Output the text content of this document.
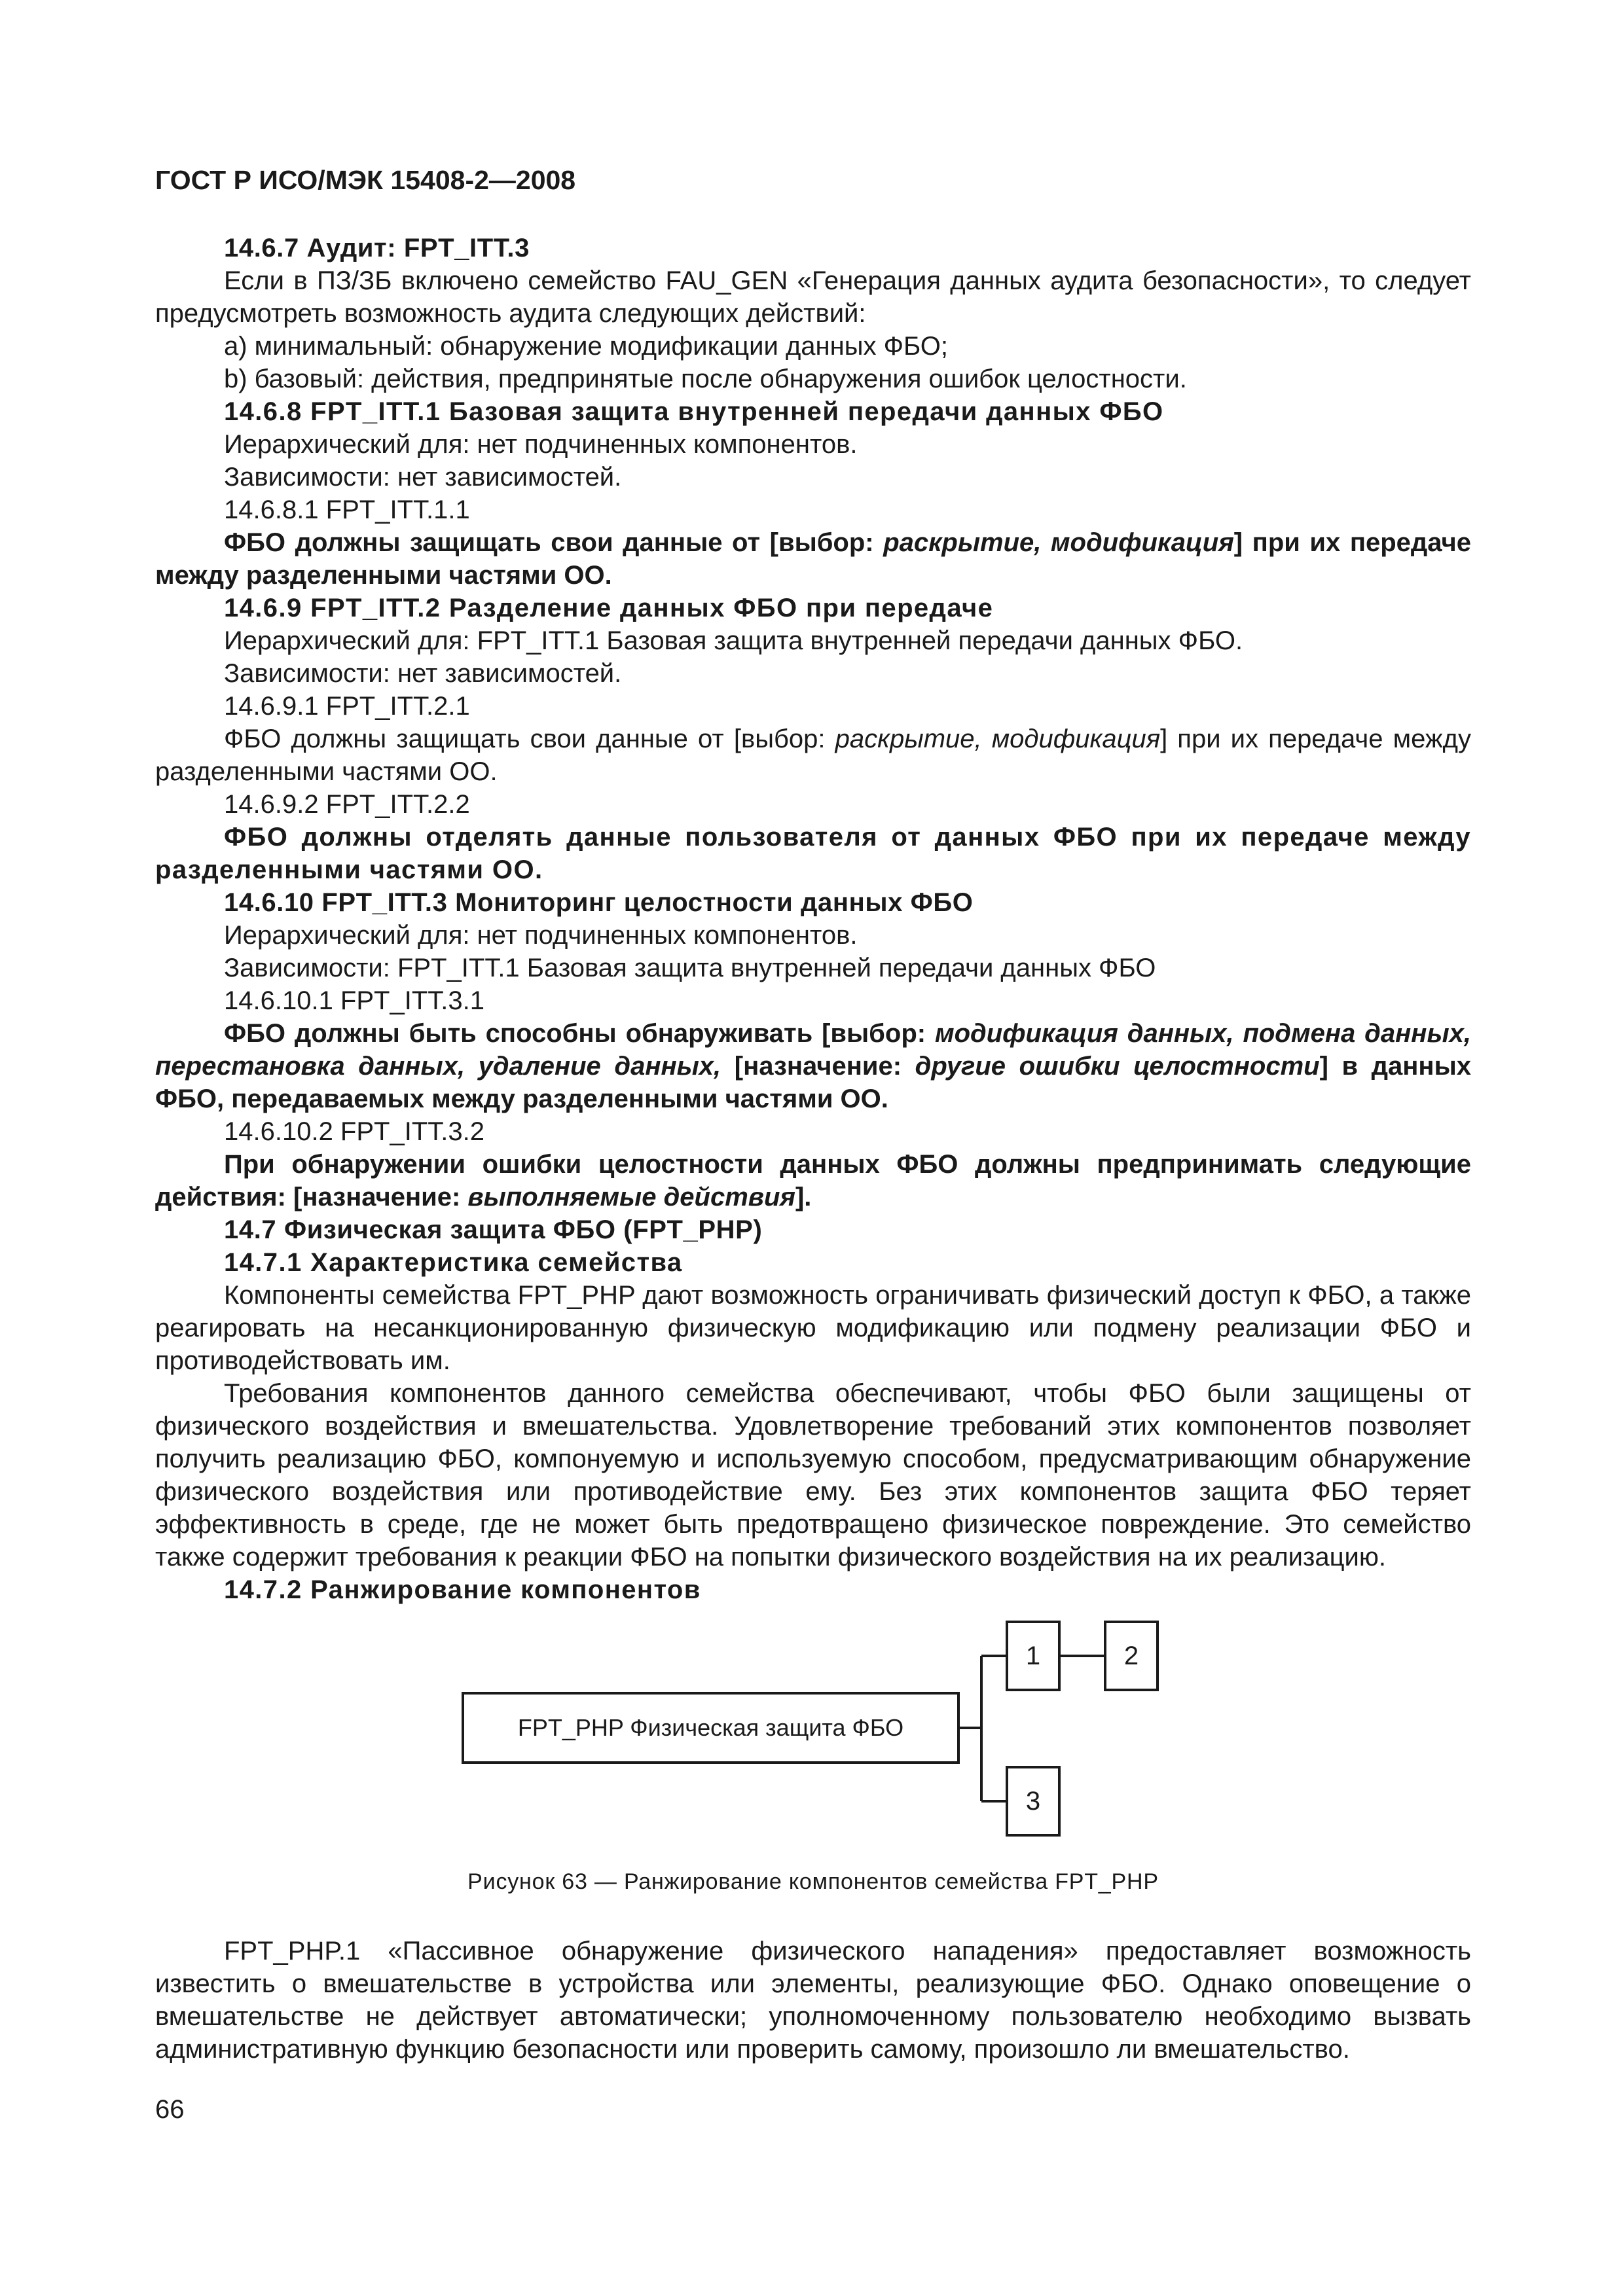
ГОСТ Р ИСО/МЭК 15408-2—2008

14.6.7 Аудит: FPT_ITT.3

Если в ПЗ/ЗБ включено семейство FAU_GEN «Генерация данных аудита безопасности», то следует предусмотреть возможность аудита следующих действий:

a) минимальный: обнаружение модификации данных ФБО;

b) базовый: действия, предпринятые после обнаружения ошибок целостности.

14.6.8 FPT_ITT.1 Базовая защита внутренней передачи данных ФБО

Иерархический для: нет подчиненных компонентов.

Зависимости: нет зависимостей.

14.6.8.1 FPT_ITT.1.1

ФБО должны защищать свои данные от [выбор: раскрытие, модификация] при их передаче между разделенными частями ОО.

14.6.9 FPT_ITT.2 Разделение данных ФБО при передаче

Иерархический для: FPT_ITT.1 Базовая защита внутренней передачи данных ФБО.

Зависимости: нет зависимостей.

14.6.9.1 FPT_ITT.2.1

ФБО должны защищать свои данные от [выбор: раскрытие, модификация] при их передаче между разделенными частями ОО.

14.6.9.2 FPT_ITT.2.2

ФБО должны отделять данные пользователя от данных ФБО при их передаче между разделенными частями ОО.

14.6.10 FPT_ITT.3 Мониторинг целостности данных ФБО

Иерархический для: нет подчиненных компонентов.

Зависимости: FPT_ITT.1 Базовая защита внутренней передачи данных ФБО

14.6.10.1 FPT_ITT.3.1

ФБО должны быть способны обнаруживать [выбор: модификация данных, подмена данных, перестановка данных, удаление данных, [назначение: другие ошибки целостности] в данных ФБО, передаваемых между разделенными частями ОО.

14.6.10.2 FPT_ITT.3.2

При обнаружении ошибки целостности данных ФБО должны предпринимать следующие действия: [назначение: выполняемые действия].

14.7 Физическая защита ФБО (FPT_PHP)

14.7.1 Характеристика семейства

Компоненты семейства FPT_PHP дают возможность ограничивать физический доступ к ФБО, а также реагировать на несанкционированную физическую модификацию или подмену реализации ФБО и противодействовать им.

Требования компонентов данного семейства обеспечивают, чтобы ФБО были защищены от физического воздействия и вмешательства. Удовлетворение требований этих компонентов позволяет получить реализацию ФБО, компонуемую и используемую способом, предусматривающим обнаружение физического воздействия или противодействие ему. Без этих компонентов защита ФБО теряет эффективность в среде, где не может быть предотвращено физическое повреждение. Это семейство также содержит требования к реакции ФБО на попытки физического воздействия на их реализацию.

14.7.2 Ранжирование компонентов

FPT_PHP Физическая защита ФБО
1	2
3
Рисунок 63 — Ранжирование компонентов семейства FPT_PHP

FPT_PHP.1 «Пассивное обнаружение физического нападения» предоставляет возможность известить о вмешательстве в устройства или элементы, реализующие ФБО. Однако оповещение о вмешательстве не действует автоматически; уполномоченному пользователю необходимо вызвать административную функцию безопасности или проверить самому, произошло ли вмешательство.

66
